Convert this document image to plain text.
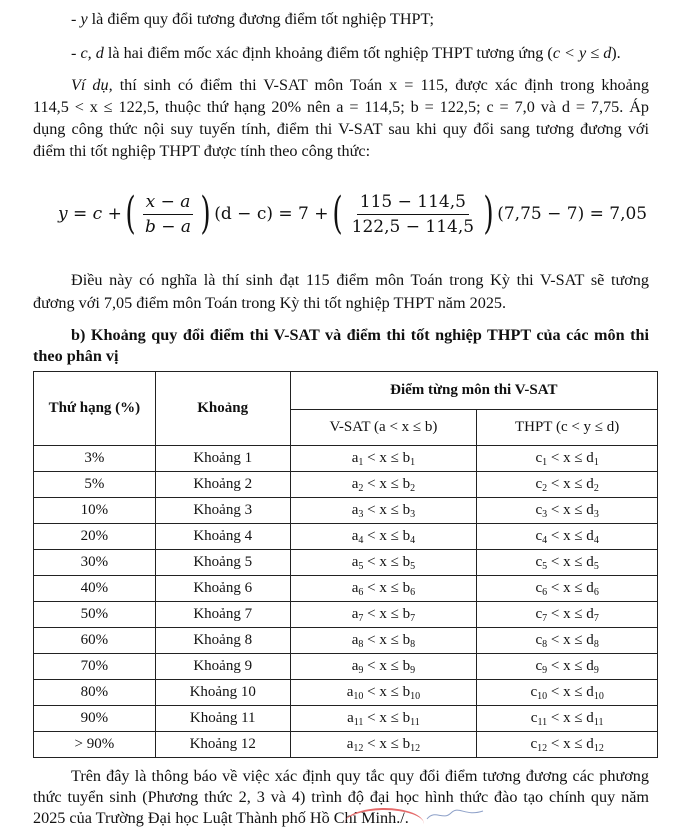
- y là điểm quy đổi tương đương điểm tốt nghiệp THPT;
- c, d là hai điểm mốc xác định khoảng điểm tốt nghiệp THPT tương ứng (c < y ≤ d).
Ví dụ, thí sinh có điểm thi V-SAT môn Toán x = 115, được xác định trong khoảng
114,5 < x ≤ 122,5, thuộc thứ hạng 20% nên a = 114,5; b = 122,5; c = 7,0 và d = 7,75. Áp
dụng công thức nội suy tuyến tính, điểm thi V-SAT sau khi quy đổi sang tương đương với
điểm thi tốt nghiệp THPT được tính theo công thức:
y = c + ( $\frac{x - a}{b - a}$ ) (d − c) = 7 + ( $\frac{115 - 114,5}{122,5 - 114,5}$ ) (7,75 − 7) = 7,05
Điều này có nghĩa là thí sinh đạt 115 điểm môn Toán trong Kỳ thi V-SAT sẽ tương
đương với 7,05 điểm môn Toán trong Kỳ thi tốt nghiệp THPT năm 2025.
b) Khoảng quy đổi điểm thi V-SAT và điểm thi tốt nghiệp THPT của các môn thi
theo phân vị
Thứ hạng (%)	Khoảng	Điểm từng môn thi V-SAT	
		V-SAT (a < x ≤ b)	THPT (c < y ≤ d)
3%	Khoảng 1	$a_1 < x \le b_1$	$c_1 < x \le d_1$
5%	Khoảng 2	$a_2 < x \le b_2$	$c_2 < x \le d_2$
10%	Khoảng 3	$a_3 < x \le b_3$	$c_3 < x \le d_3$
20%	Khoảng 4	$a_4 < x \le b_4$	$c_4 < x \le d_4$
30%	Khoảng 5	$a_5 < x \le b_5$	$c_5 < x \le d_5$
40%	Khoảng 6	$a_6 < x \le b_6$	$c_6 < x \le d_6$
50%	Khoảng 7	$a_7 < x \le b_7$	$c_7 < x \le d_7$
60%	Khoảng 8	$a_8 < x \le b_8$	$c_8 < x \le d_8$
70%	Khoảng 9	$a_9 < x \le b_9$	$c_9 < x \le d_9$
80%	Khoảng 10	$a_{10} < x \le b_{10}$	$c_{10} < x \le d_{10}$
90%	Khoảng 11	$a_{11} < x \le b_{11}$	$c_{11} < x \le d_{11}$
> 90%	Khoảng 12	$a_{12} < x \le b_{12}$	$c_{12} < x \le d_{12}$
Trên đây là thông báo về việc xác định quy tắc quy đổi điểm tương đương các phương
thức tuyển sinh (Phương thức 2, 3 và 4) trình độ đại học hình thức đào tạo chính quy năm
2025 của Trường Đại học Luật Thành phố Hồ Chí Minh./.
